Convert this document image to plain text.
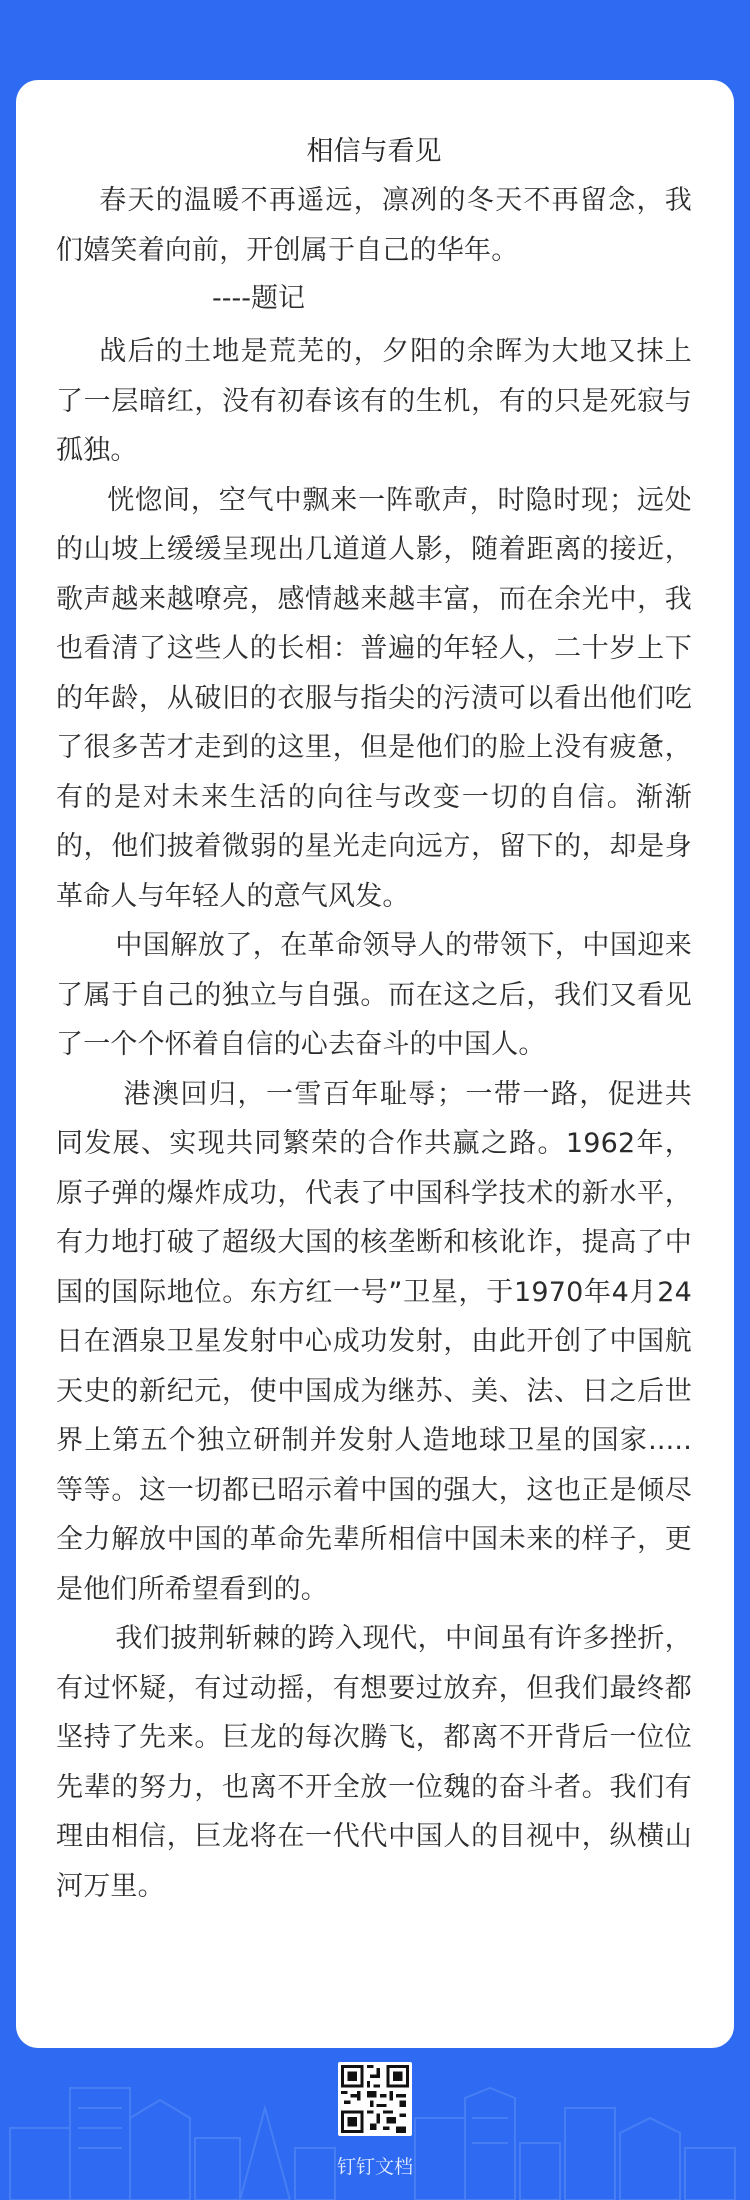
相信与看见

春天的温暖不再遥远，凛冽的冬天不再留念，我们嬉笑着向前，开创属于自己的华年。

----题记

战后的土地是荒芜的，夕阳的余晖为大地又抹上了一层暗红，没有初春该有的生机，有的只是死寂与孤独。

恍惚间，空气中飘来一阵歌声，时隐时现；远处的山坡上缓缓呈现出几道道人影，随着距离的接近，歌声越来越嘹亮，感情越来越丰富，而在余光中，我也看清了这些人的长相：普遍的年轻人，二十岁上下的年龄，从破旧的衣服与指尖的污渍可以看出他们吃了很多苦才走到的这里，但是他们的脸上没有疲惫，有的是对未来生活的向往与改变一切的自信。渐渐的，他们披着微弱的星光走向远方，留下的，却是身革命人与年轻人的意气风发。

中国解放了，在革命领导人的带领下，中国迎来了属于自己的独立与自强。而在这之后，我们又看见了一个个怀着自信的心去奋斗的中国人。

港澳回归，一雪百年耻辱；一带一路，促进共同发展、实现共同繁荣的合作共赢之路。1962年，原子弹的爆炸成功，代表了中国科学技术的新水平，有力地打破了超级大国的核垄断和核讹诈，提高了中国的国际地位。东方红一号”卫星，于1970年4月24日在酒泉卫星发射中心成功发射，由此开创了中国航天史的新纪元，使中国成为继苏、美、法、日之后世界上第五个独立研制并发射人造地球卫星的国家.....等等。这一切都已昭示着中国的强大，这也正是倾尽全力解放中国的革命先辈所相信中国未来的样子，更是他们所希望看到的。

我们披荆斩棘的跨入现代，中间虽有许多挫折，有过怀疑，有过动摇，有想要过放弃，但我们最终都坚持了先来。巨龙的每次腾飞，都离不开背后一位位先辈的努力，也离不开全放一位魏的奋斗者。我们有理由相信，巨龙将在一代代中国人的目视中，纵横山河万里。

钉钉文档
